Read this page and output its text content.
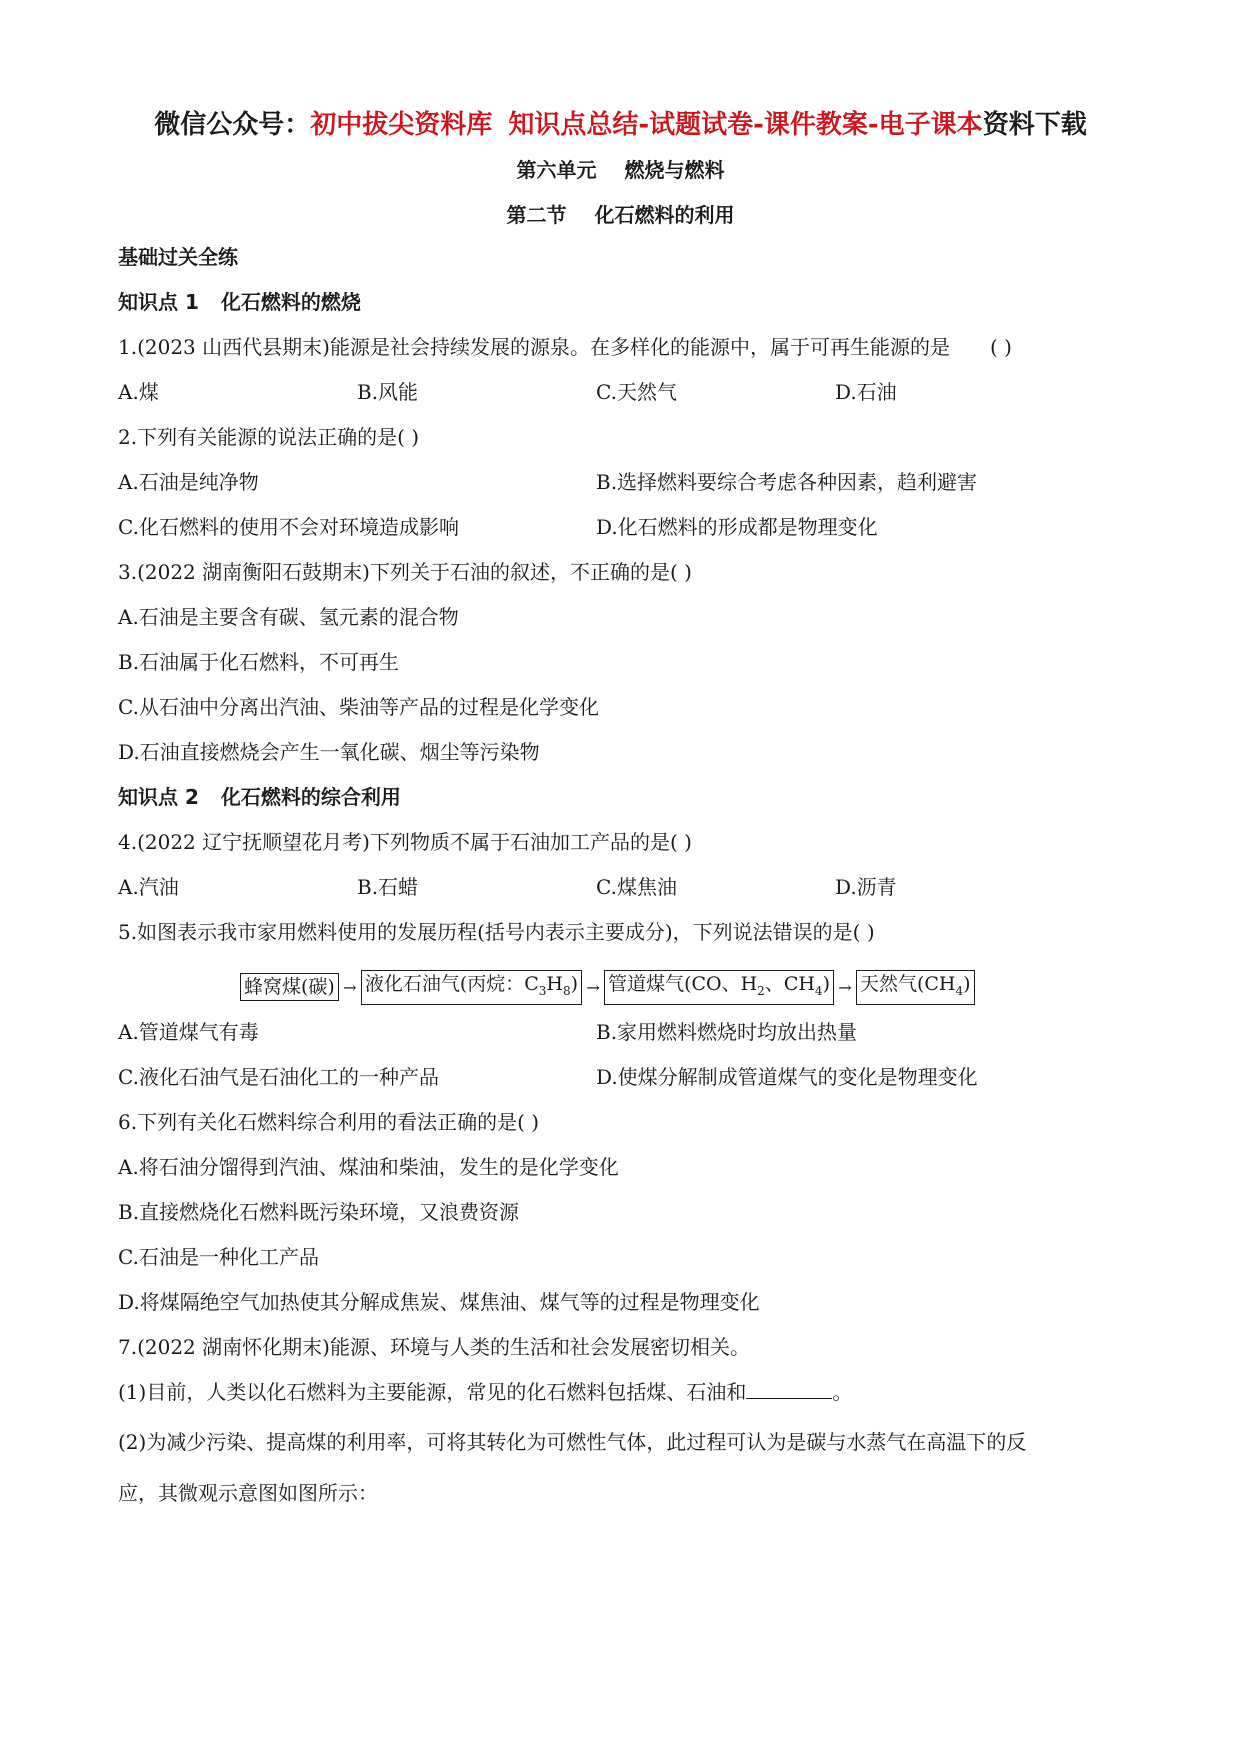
微信公众号：初中拔尖资料库 知识点总结-试题试卷-课件教案-电子课本资料下载
第六单元 燃烧与燃料
第二节 化石燃料的利用
基础过关全练
知识点 1 化石燃料的燃烧
1.(2023 山西代县期末)能源是社会持续发展的源泉。在多样化的能源中，属于可再生能源的是 ( )
A.煤	B.风能	C.天然气	D.石油
2.下列有关能源的说法正确的是( )
A.石油是纯净物	B.选择燃料要综合考虑各种因素，趋利避害
C.化石燃料的使用不会对环境造成影响	D.化石燃料的形成都是物理变化
3.(2022 湖南衡阳石鼓期末)下列关于石油的叙述，不正确的是( )
A.石油是主要含有碳、氢元素的混合物
B.石油属于化石燃料，不可再生
C.从石油中分离出汽油、柴油等产品的过程是化学变化
D.石油直接燃烧会产生一氧化碳、烟尘等污染物
知识点 2 化石燃料的综合利用
4.(2022 辽宁抚顺望花月考)下列物质不属于石油加工产品的是( )
A.汽油	B.石蜡	C.煤焦油	D.沥青
5.如图表示我市家用燃料使用的发展历程(括号内表示主要成分)，下列说法错误的是( )
蜂窝煤(碳) → 液化石油气(丙烷：$C_3H_8$) → 管道煤气(CO、$H_2$、$CH_4$) → 天然气$(CH_4)$
A.管道煤气有毒	B.家用燃料燃烧时均放出热量
C.液化石油气是石油化工的一种产品	D.使煤分解制成管道煤气的变化是物理变化
6.下列有关化石燃料综合利用的看法正确的是( )
A.将石油分馏得到汽油、煤油和柴油，发生的是化学变化
B.直接燃烧化石燃料既污染环境，又浪费资源
C.石油是一种化工产品
D.将煤隔绝空气加热使其分解成焦炭、煤焦油、煤气等的过程是物理变化
7.(2022 湖南怀化期末)能源、环境与人类的生活和社会发展密切相关。
(1)目前，人类以化石燃料为主要能源，常见的化石燃料包括煤、石油和	。
(2)为减少污染、提高煤的利用率，可将其转化为可燃性气体，此过程可认为是碳与水蒸气在高温下的反
应，其微观示意图如图所示：
